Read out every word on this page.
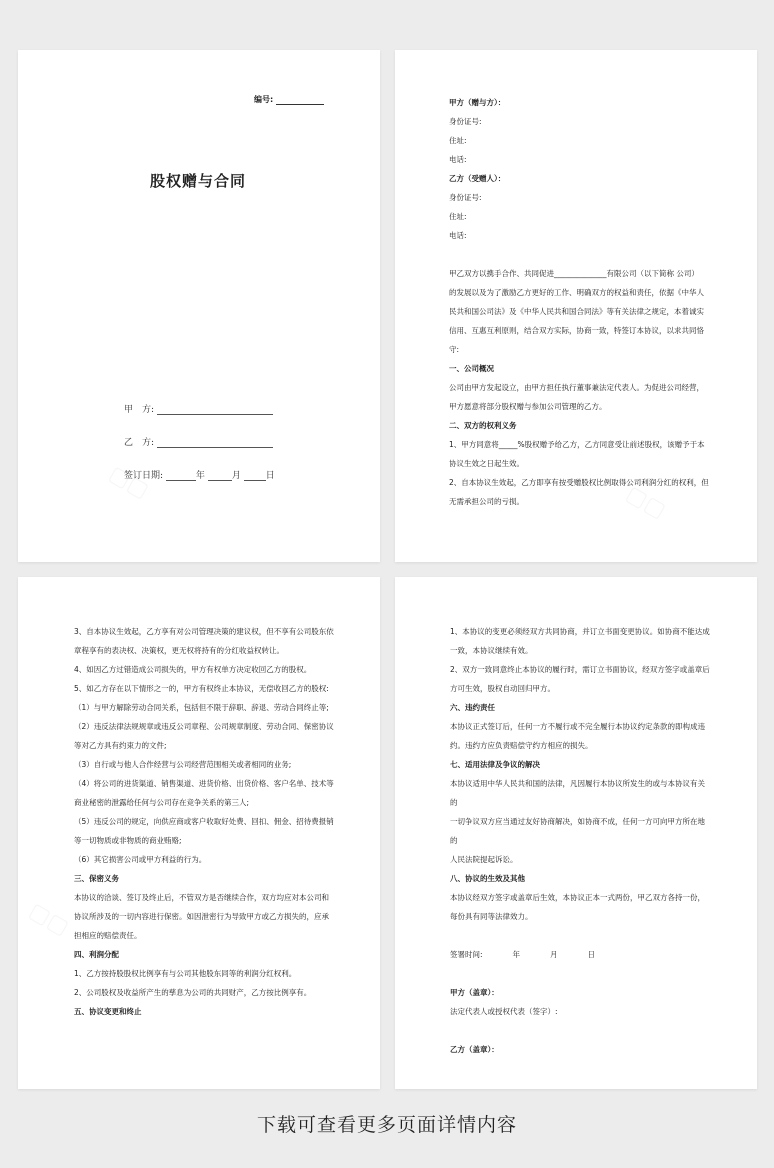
编号:
股权赠与合同
甲　方:
乙　方:
签订日期:	年	月	日
甲方（赠与方）：
身份证号:
住址:
电话:
乙方（受赠人）：
身份证号:
住址:
电话:
甲乙双方以携手合作、共同促进______________有限公司（以下简称 公司）
的发展以及为了激励乙方更好的工作、明确双方的权益和责任，依据《中华人
民共和国公司法》及《中华人民共和国合同法》等有关法律之规定，本着诚实
信用、互惠互利原则，结合双方实际，协商一致，特签订本协议，以求共同恪
守:
一、公司概况
公司由甲方发起设立，由甲方担任执行董事兼法定代表人。为促进公司经营，
甲方愿意将部分股权赠与参加公司管理的乙方。
二、双方的权利义务
1、甲方同意将_____%股权赠予给乙方，乙方同意受让前述股权，该赠予于本
协议生效之日起生效。
2、自本协议生效起，乙方即享有按受赠股权比例取得公司利润分红的权利，但
无需承担公司的亏损。
3、自本协议生效起，乙方享有对公司管理决策的建议权，但不享有公司股东依
章程享有的表决权、决策权，更无权将持有的分红收益权转让。
4、如因乙方过错造成公司损失的，甲方有权单方决定收回乙方的股权。
5、如乙方存在以下情形之一的，甲方有权终止本协议，无偿收回乙方的股权:
（1）与甲方解除劳动合同关系，包括但不限于辞职、辞退、劳动合同终止等;
（2）违反法律法规规章或违反公司章程、公司规章制度、劳动合同、保密协议
等对乙方具有约束力的文件;
（3）自行或与他人合作经营与公司经营范围相关或者相同的业务;
（4）将公司的进货渠道、销售渠道、进货价格、出货价格、客户名单、技术等
商业秘密的泄露给任何与公司存在竞争关系的第三人;
（5）违反公司的规定，向供应商或客户收取好处费、回扣、佣金、招待费报销
等一切物质或非物质的商业贿赂;
（6）其它损害公司或甲方利益的行为。
三、保密义务
本协议的洽谈、签订及终止后，不管双方是否继续合作，双方均应对本公司和
协议所涉及的一切内容进行保密。如因泄密行为导致甲方或乙方损失的，应承
担相应的赔偿责任。
四、利润分配
1、乙方按持股股权比例享有与公司其他股东同等的利润分红权利。
2、公司股权及收益所产生的孳息为公司的共同财产，乙方按比例享有。
五、协议变更和终止
1、本协议的变更必须经双方共同协商，并订立书面变更协议。如协商不能达成
一致，本协议继续有效。
2、双方一致同意终止本协议的履行时，需订立书面协议，经双方签字或盖章后
方可生效，股权自动回归甲方。
六、违约责任
本协议正式签订后，任何一方不履行或不完全履行本协议约定条款的即构成违
约。违约方应负责赔偿守约方相应的损失。
七、适用法律及争议的解决
本协议适用中华人民共和国的法律，凡因履行本协议所发生的或与本协议有关
的
一切争议双方应当通过友好协商解决，如协商不成，任何一方可向甲方所在地
的
人民法院提起诉讼。
八、协议的生效及其他
本协议经双方签字或盖章后生效，本协议正本一式两份，甲乙双方各持一份，
每份具有同等法律效力。
签署时间:　　　　年　　　　月　　　　日
甲方（盖章）：
法定代表人或授权代表（签字）:
乙方（盖章）：
下载可查看更多页面详情内容
